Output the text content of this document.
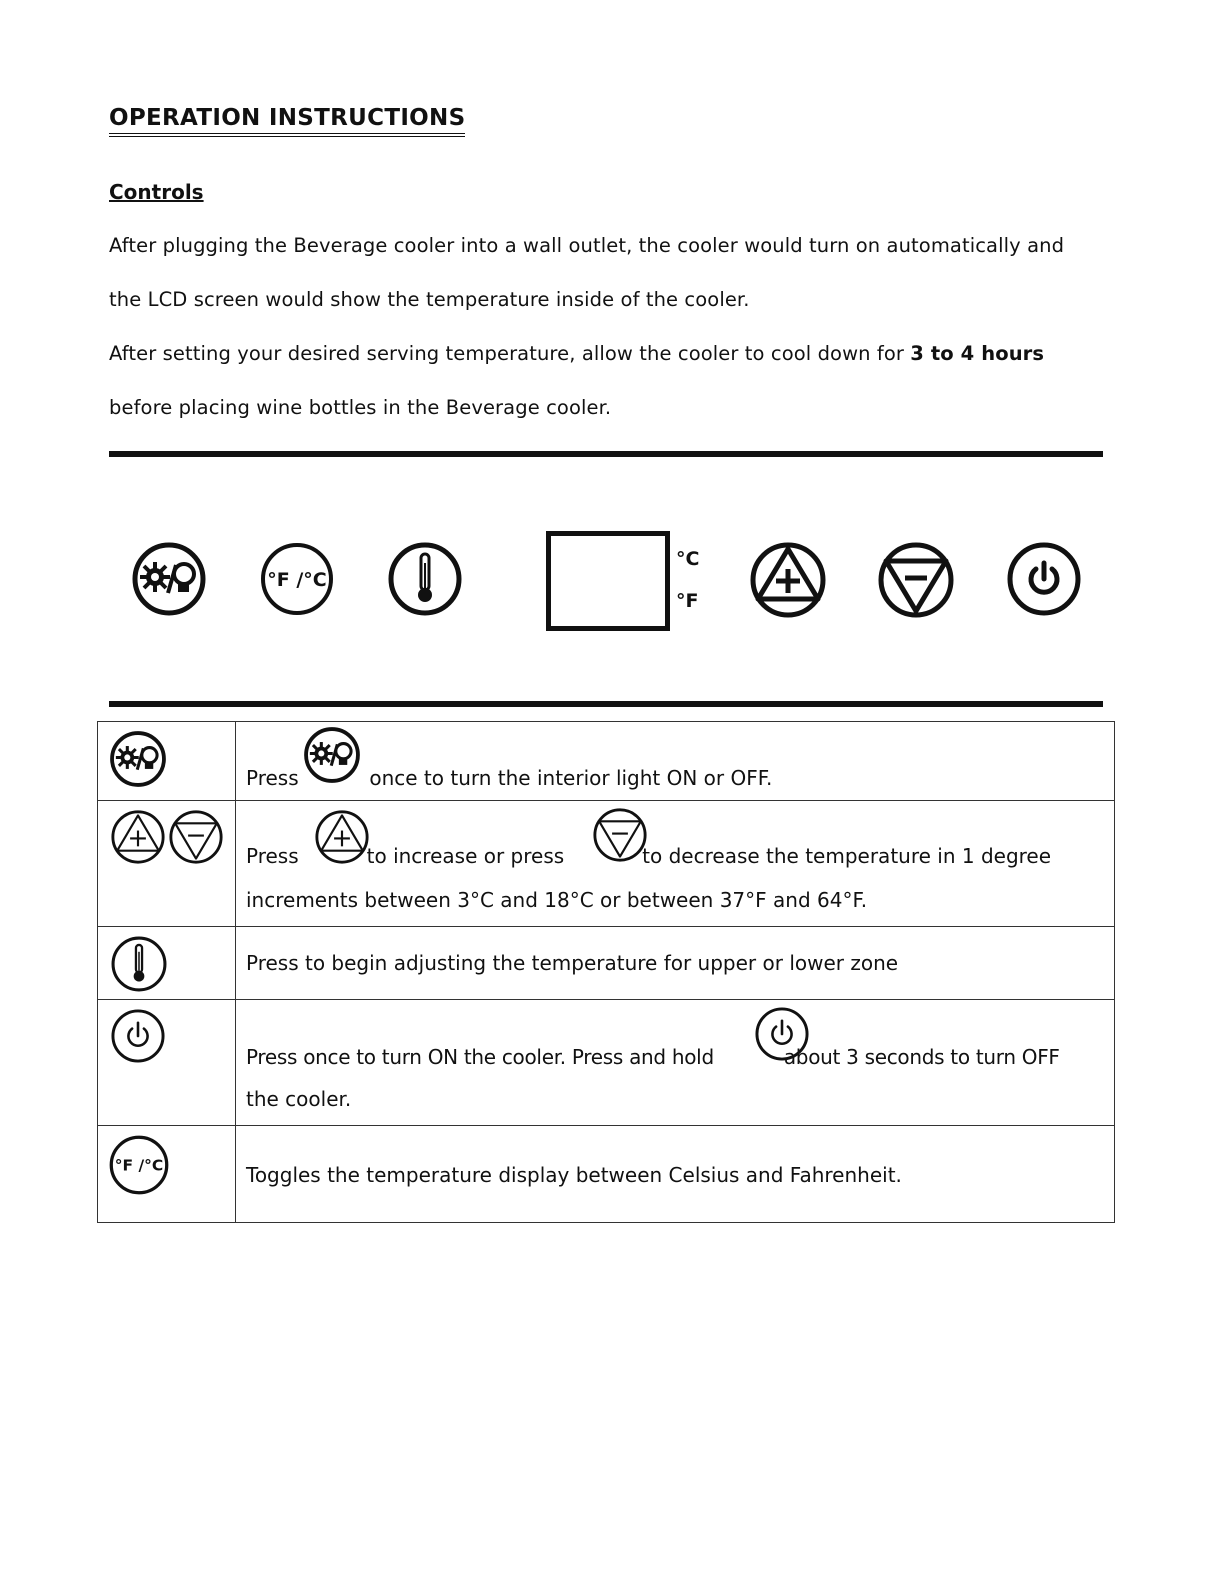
OPERATION INSTRUCTIONS
Controls

After plugging the Beverage cooler into a wall outlet, the cooler would turn on automatically and

the LCD screen would show the temperature inside of the cooler.

After setting your desired serving temperature, allow the cooler to cool down for 3 to 4 hours

before placing wine bottles in the Beverage cooler.

°F /°C
°C
°F

Press once to turn the interior light ON or OFF.

Press to increase or press to decrease the temperature in 1 degree
increments between 3°C and 18°C or between 37°F and 64°F.

Press to begin adjusting the temperature for upper or lower zone

Press once to turn ON the cooler. Press and hold about 3 seconds to turn OFF
the cooler.

°F /°C	Toggles the temperature display between Celsius and Fahrenheit.
